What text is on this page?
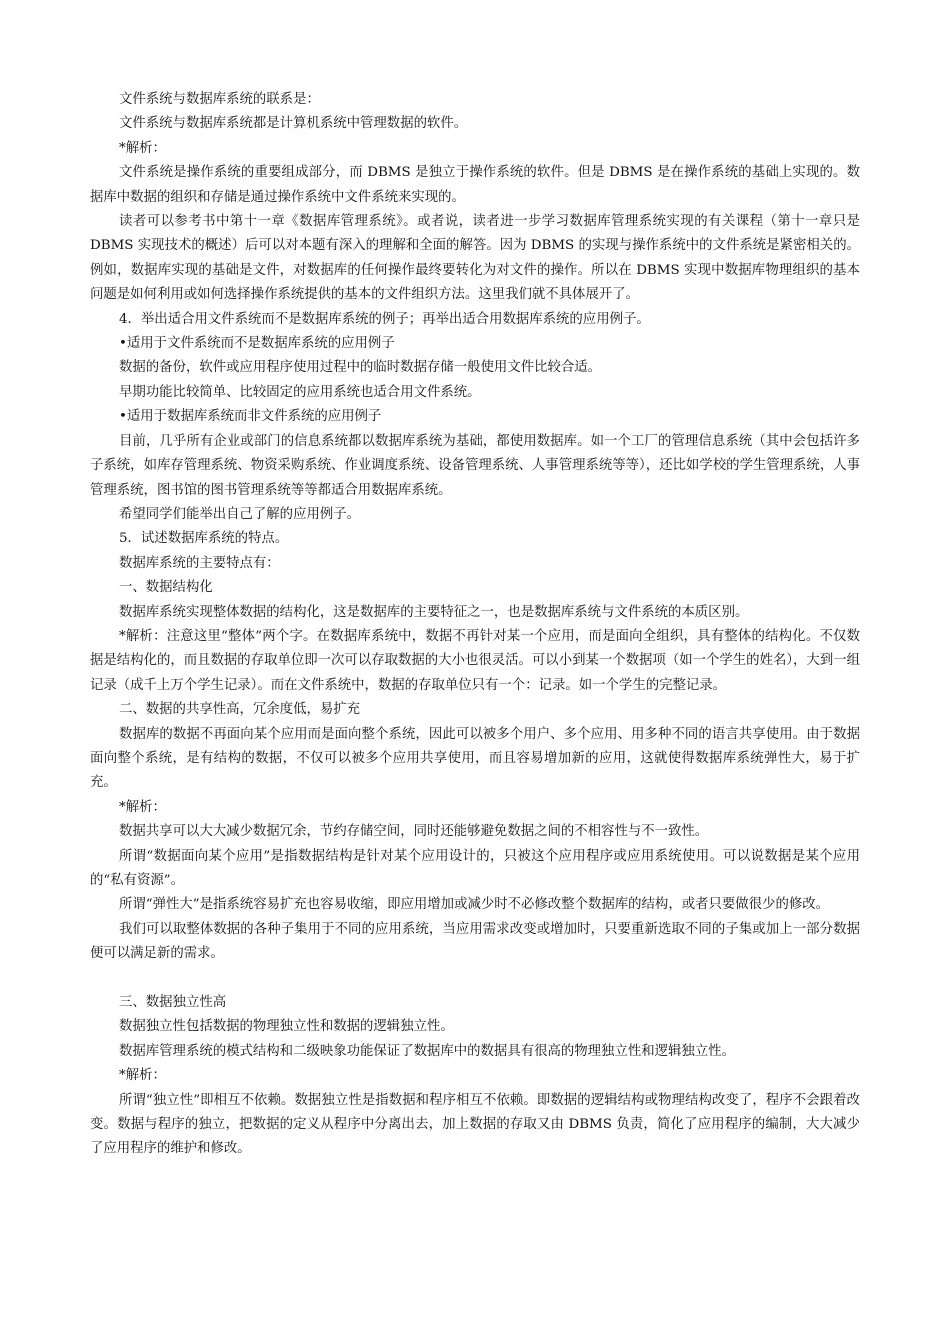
文件系统与数据库系统的联系是：

文件系统与数据库系统都是计算机系统中管理数据的软件。

*解析：

文件系统是操作系统的重要组成部分，而 DBMS 是独立于操作系统的软件。但是 DBMS 是在操作系统的基础上实现的。数据库中数据的组织和存储是通过操作系统中文件系统来实现的。

读者可以参考书中第十一章《数据库管理系统》。或者说，读者进一步学习数据库管理系统实现的有关课程（第十一章只是 DBMS 实现技术的概述）后可以对本题有深入的理解和全面的解答。因为 DBMS 的实现与操作系统中的文件系统是紧密相关的。例如，数据库实现的基础是文件，对数据库的任何操作最终要转化为对文件的操作。所以在 DBMS 实现中数据库物理组织的基本问题是如何利用或如何选择操作系统提供的基本的文件组织方法。这里我们就不具体展开了。

4．举出适合用文件系统而不是数据库系统的例子；再举出适合用数据库系统的应用例子。

•适用于文件系统而不是数据库系统的应用例子

数据的备份，软件或应用程序使用过程中的临时数据存储一般使用文件比较合适。

早期功能比较简单、比较固定的应用系统也适合用文件系统。

•适用于数据库系统而非文件系统的应用例子

目前，几乎所有企业或部门的信息系统都以数据库系统为基础，都使用数据库。如一个工厂的管理信息系统（其中会包括许多子系统，如库存管理系统、物资采购系统、作业调度系统、设备管理系统、人事管理系统等等），还比如学校的学生管理系统，人事管理系统，图书馆的图书管理系统等等都适合用数据库系统。

希望同学们能举出自己了解的应用例子。

5．试述数据库系统的特点。

数据库系统的主要特点有：

一、数据结构化

数据库系统实现整体数据的结构化，这是数据库的主要特征之一，也是数据库系统与文件系统的本质区别。

*解析：注意这里“整体”两个字。在数据库系统中，数据不再针对某一个应用，而是面向全组织，具有整体的结构化。不仅数据是结构化的，而且数据的存取单位即一次可以存取数据的大小也很灵活。可以小到某一个数据项（如一个学生的姓名），大到一组记录（成千上万个学生记录）。而在文件系统中，数据的存取单位只有一个：记录。如一个学生的完整记录。

二、数据的共享性高，冗余度低，易扩充

数据库的数据不再面向某个应用而是面向整个系统，因此可以被多个用户、多个应用、用多种不同的语言共享使用。由于数据面向整个系统，是有结构的数据，不仅可以被多个应用共享使用，而且容易增加新的应用，这就使得数据库系统弹性大，易于扩充。

*解析：

数据共享可以大大减少数据冗余，节约存储空间，同时还能够避免数据之间的不相容性与不一致性。

所谓“数据面向某个应用”是指数据结构是针对某个应用设计的，只被这个应用程序或应用系统使用。可以说数据是某个应用的“私有资源”。

所谓“弹性大”是指系统容易扩充也容易收缩，即应用增加或减少时不必修改整个数据库的结构，或者只要做很少的修改。

我们可以取整体数据的各种子集用于不同的应用系统，当应用需求改变或增加时，只要重新选取不同的子集或加上一部分数据便可以满足新的需求。

三、数据独立性高

数据独立性包括数据的物理独立性和数据的逻辑独立性。

数据库管理系统的模式结构和二级映象功能保证了数据库中的数据具有很高的物理独立性和逻辑独立性。

*解析：

所谓“独立性”即相互不依赖。数据独立性是指数据和程序相互不依赖。即数据的逻辑结构或物理结构改变了，程序不会跟着改变。数据与程序的独立，把数据的定义从程序中分离出去，加上数据的存取又由 DBMS 负责，简化了应用程序的编制，大大减少了应用程序的维护和修改。
